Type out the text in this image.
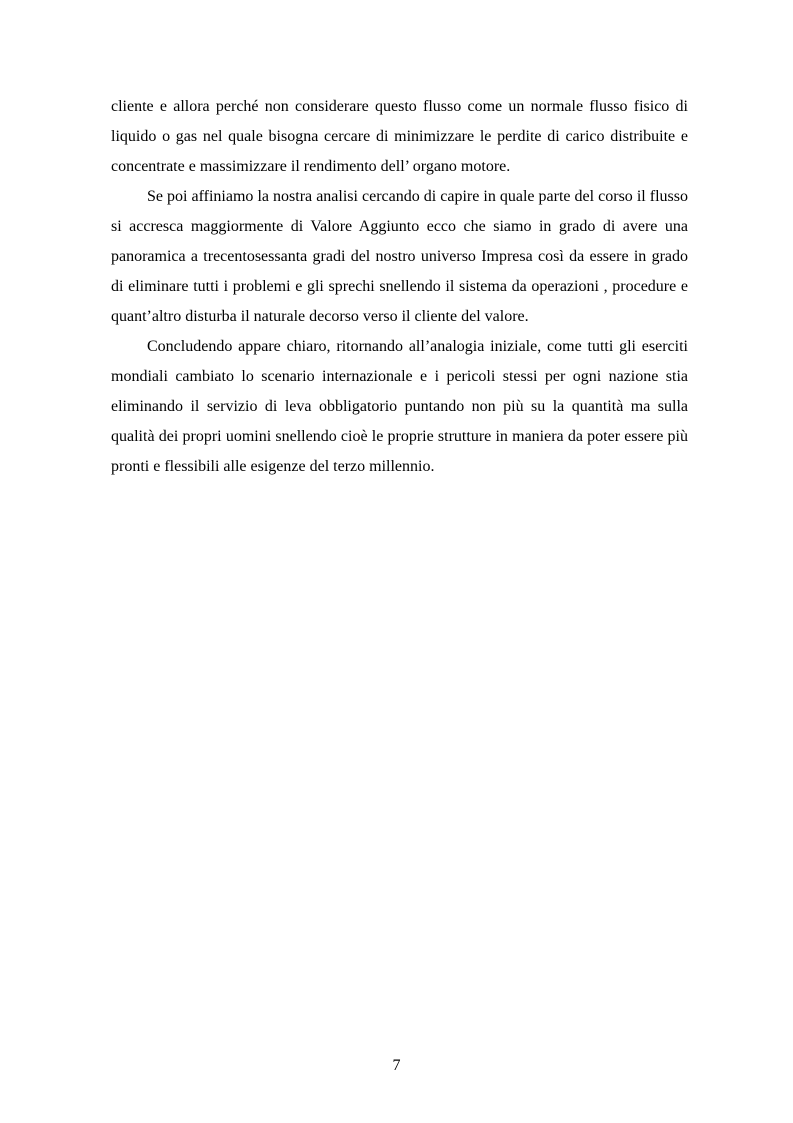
cliente e allora perché non considerare questo flusso come un normale flusso fisico di liquido o gas nel quale bisogna cercare di minimizzare le perdite di carico distribuite e concentrate e massimizzare il rendimento dell’ organo motore.

Se poi affiniamo la nostra analisi cercando di capire in quale parte del corso il flusso si accresca maggiormente di Valore Aggiunto ecco che siamo in grado di avere una panoramica a trecentosessanta gradi del nostro universo Impresa così da essere in grado di eliminare tutti i problemi e gli sprechi snellendo il sistema da operazioni , procedure e quant’altro disturba il naturale decorso verso il cliente del valore.

Concludendo appare chiaro, ritornando all’analogia iniziale, come tutti gli eserciti mondiali cambiato lo scenario internazionale e i pericoli stessi per ogni nazione stia eliminando il servizio di leva obbligatorio puntando non più su la quantità ma sulla qualità dei propri uomini snellendo cioè le proprie strutture in maniera da poter essere più pronti e flessibili alle esigenze del terzo millennio.

7
